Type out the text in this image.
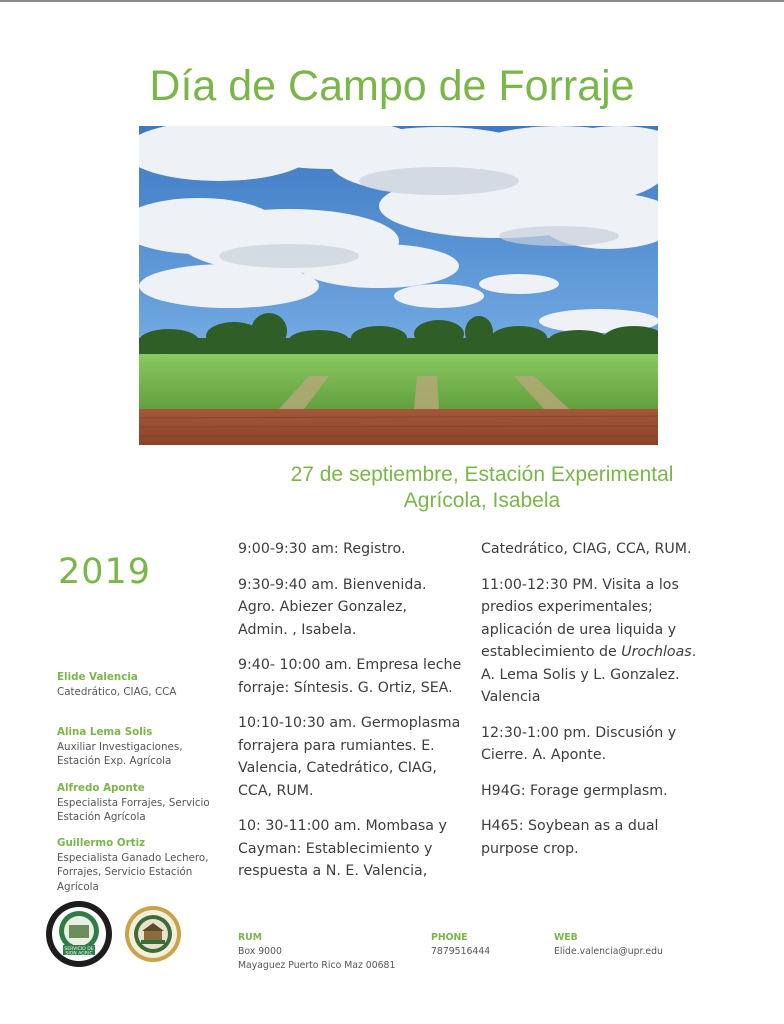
Día de Campo de Forraje
27 de septiembre, Estación Experimental
Agrícola, Isabela
2019
Elide Valencia
Catedrático, CIAG, CCA
Alina Lema Solis
Auxiliar Investigaciones,
Estación Exp. Agrícola
Alfredo Aponte
Especialista Forrajes, Servicio
Estación Agrícola
Guillermo Ortiz
Especialista Ganado Lechero,
Forrajes, Servicio Estación
Agrícola

9:00-9:30 am: Registro.

9:30-9:40 am. Bienvenida.
Agro. Abiezer Gonzalez,
Admin. , Isabela.

9:40- 10:00 am. Empresa leche
forraje: Síntesis. G. Ortiz, SEA.

10:10-10:30 am. Germoplasma
forrajera para rumiantes. E.
Valencia, Catedrático, CIAG,
CCA, RUM.

10: 30-11:00 am. Mombasa y
Cayman: Establecimiento y
respuesta a N. E. Valencia,

Catedrático, CIAG, CCA, RUM.

11:00-12:30 PM. Visita a los
predios experimentales;
aplicación de urea liquida y
establecimiento de Urochloas.
A. Lema Solis y L. Gonzalez.
Valencia

12:30-1:00 pm. Discusión y
Cierre. A. Aponte.

H94G: Forage germplasm.

H465: Soybean as a dual
purpose crop.

SERVICIO DE
SION AGRIC
RUM
Box 9000
Mayaguez Puerto Rico Maz 00681
PHONE
7879516444
WEB
Elide.valencia@upr.edu
